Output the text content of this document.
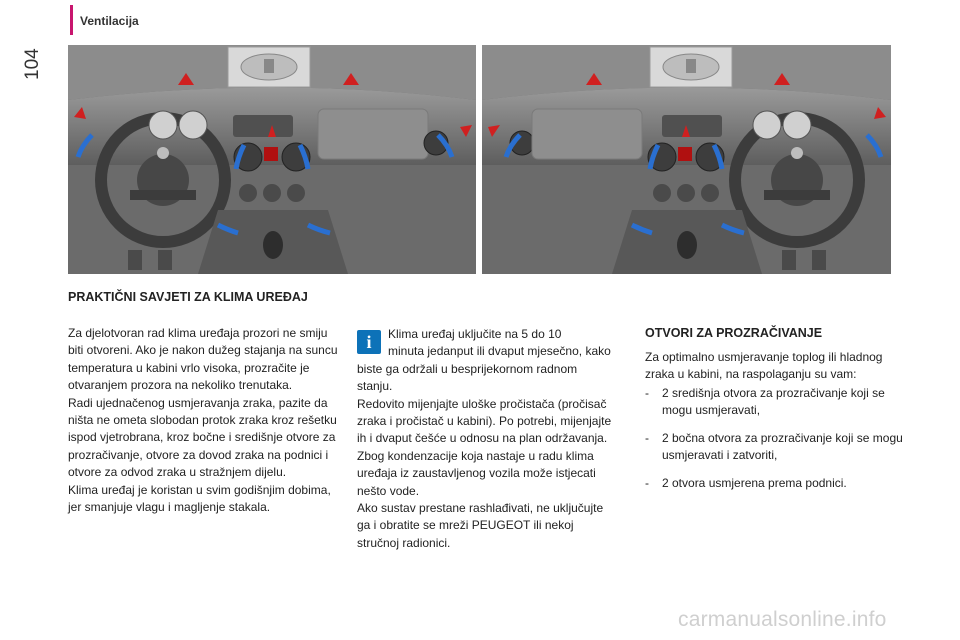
Ventilacija
104
PRAKTIČNI SAVJETI ZA KLIMA UREĐAJ

Za djelotvoran rad klima uređaja prozori ne smiju biti otvoreni. Ako je nakon dužeg stajanja na suncu temperatura u kabini vrlo visoka, prozračite je otvaranjem prozora na nekoliko trenutaka.

Radi ujednačenog usmjeravanja zraka, pazite da ništa ne ometa slobodan protok zraka kroz rešetku ispod vjetrobrana, kroz bočne i središnje otvore za prozračivanje, otvore za dovod zraka na podnici i otvore za odvod zraka u stražnjem dijelu.

Klima uređaj je koristan u svim godišnjim dobima, jer smanjuje vlagu i magljenje stakala.

i	Klima uređaj uključite na 5 do 10
minuta jedanput ili dvaput mjesečno, kako biste ga održali u besprijekornom radnom stanju.

Redovito mijenjajte uloške pročistača (pročisač zraka i pročistač u kabini). Po potrebi, mijenjajte ih i dvaput češće u odnosu na plan održavanja.

Zbog kondenzacije koja nastaje u radu klima uređaja iz zaustavljenog vozila može istjecati nešto vode.

Ako sustav prestane rashlađivati, ne uključujte ga i obratite se mreži PEUGEOT ili nekoj stručnoj radionici.

OTVORI ZA PROZRAČIVANJE

Za optimalno usmjeravanje toplog ili hladnog zraka u kabini, na raspolaganju su vam:

- 2 središnja otvora za prozračivanje koji se mogu usmjeravati,
- 2 bočna otvora za prozračivanje koji se mogu usmjeravati i zatvoriti,
- 2 otvora usmjerena prema podnici.
carmanualsonline.info
